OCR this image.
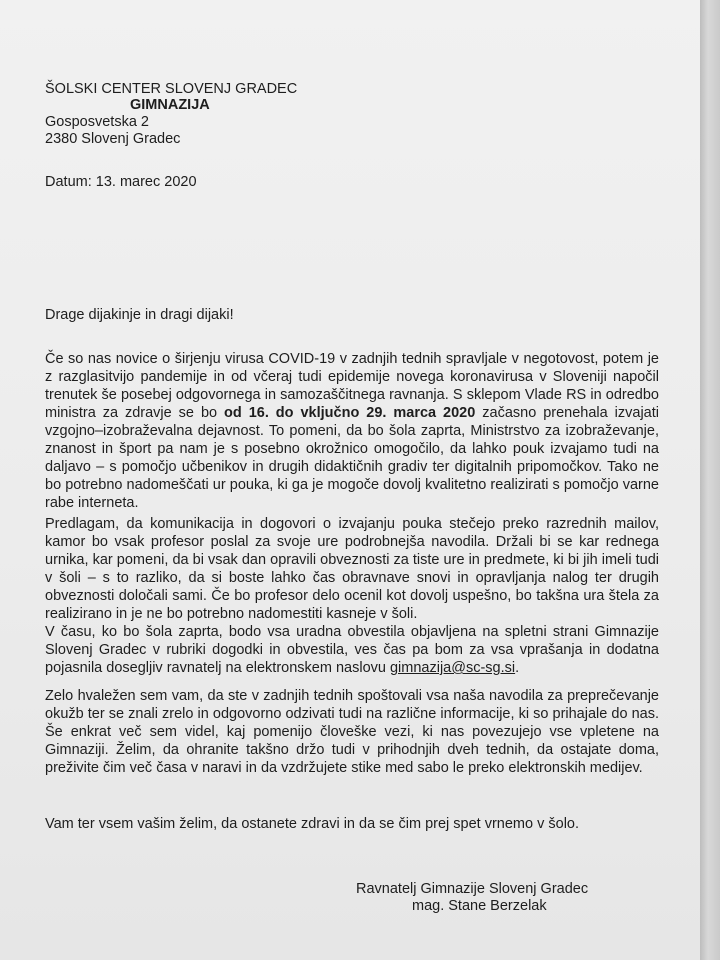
ŠOLSKI CENTER SLOVENJ GRADEC
GIMNAZIJA
Gosposvetska 2
2380 Slovenj Gradec
Datum: 13. marec 2020
Drage dijakinje in dragi dijaki!
Če so nas novice o širjenju virusa COVID-19 v zadnjih tednih spravljale v negotovost, potem je z razglasitvijo pandemije in od včeraj tudi epidemije novega koronavirusa v Sloveniji napočil trenutek še posebej odgovornega in samozaščitnega ravnanja. S sklepom Vlade RS in odredbo ministra za zdravje se bo od 16. do vključno 29. marca 2020 začasno prenehala izvajati vzgojno–izobraževalna dejavnost. To pomeni, da bo šola zaprta, Ministrstvo za izobraževanje, znanost in šport pa nam je s posebno okrožnico omogočilo, da lahko pouk izvajamo tudi na daljavo – s pomočjo učbenikov in drugih didaktičnih gradiv ter digitalnih pripomočkov. Tako ne bo potrebno nadomeščati ur pouka, ki ga je mogoče dovolj kvalitetno realizirati s pomočjo varne rabe interneta.
Predlagam, da komunikacija in dogovori o izvajanju pouka stečejo preko razrednih mailov, kamor bo vsak profesor poslal za svoje ure podrobnejša navodila. Držali bi se kar rednega urnika, kar pomeni, da bi vsak dan opravili obveznosti za tiste ure in predmete, ki bi jih imeli tudi v šoli – s to razliko, da si boste lahko čas obravnave snovi in opravljanja nalog ter drugih obveznosti določali sami. Če bo profesor delo ocenil kot dovolj uspešno, bo takšna ura štela za realizirano in je ne bo potrebno nadomestiti kasneje v šoli.
V času, ko bo šola zaprta, bodo vsa uradna obvestila objavljena na spletni strani Gimnazije Slovenj Gradec v rubriki dogodki in obvestila, ves čas pa bom za vsa vprašanja in dodatna pojasnila dosegljiv ravnatelj na elektronskem naslovu gimnazija@sc-sg.si.
Zelo hvaležen sem vam, da ste v zadnjih tednih spoštovali vsa naša navodila za preprečevanje okužb ter se znali zrelo in odgovorno odzivati tudi na različne informacije, ki so prihajale do nas. Še enkrat več sem videl, kaj pomenijo človeške vezi, ki nas povezujejo vse vpletene na Gimnaziji. Želim, da ohranite takšno držo tudi v prihodnjih dveh tednih, da ostajate doma, preživite čim več časa v naravi in da vzdržujete stike med sabo le preko elektronskih medijev.
Vam ter vsem vašim želim, da ostanete zdravi in da se čim prej spet vrnemo v šolo.
Ravnatelj Gimnazije Slovenj Gradec
mag. Stane Berzelak
